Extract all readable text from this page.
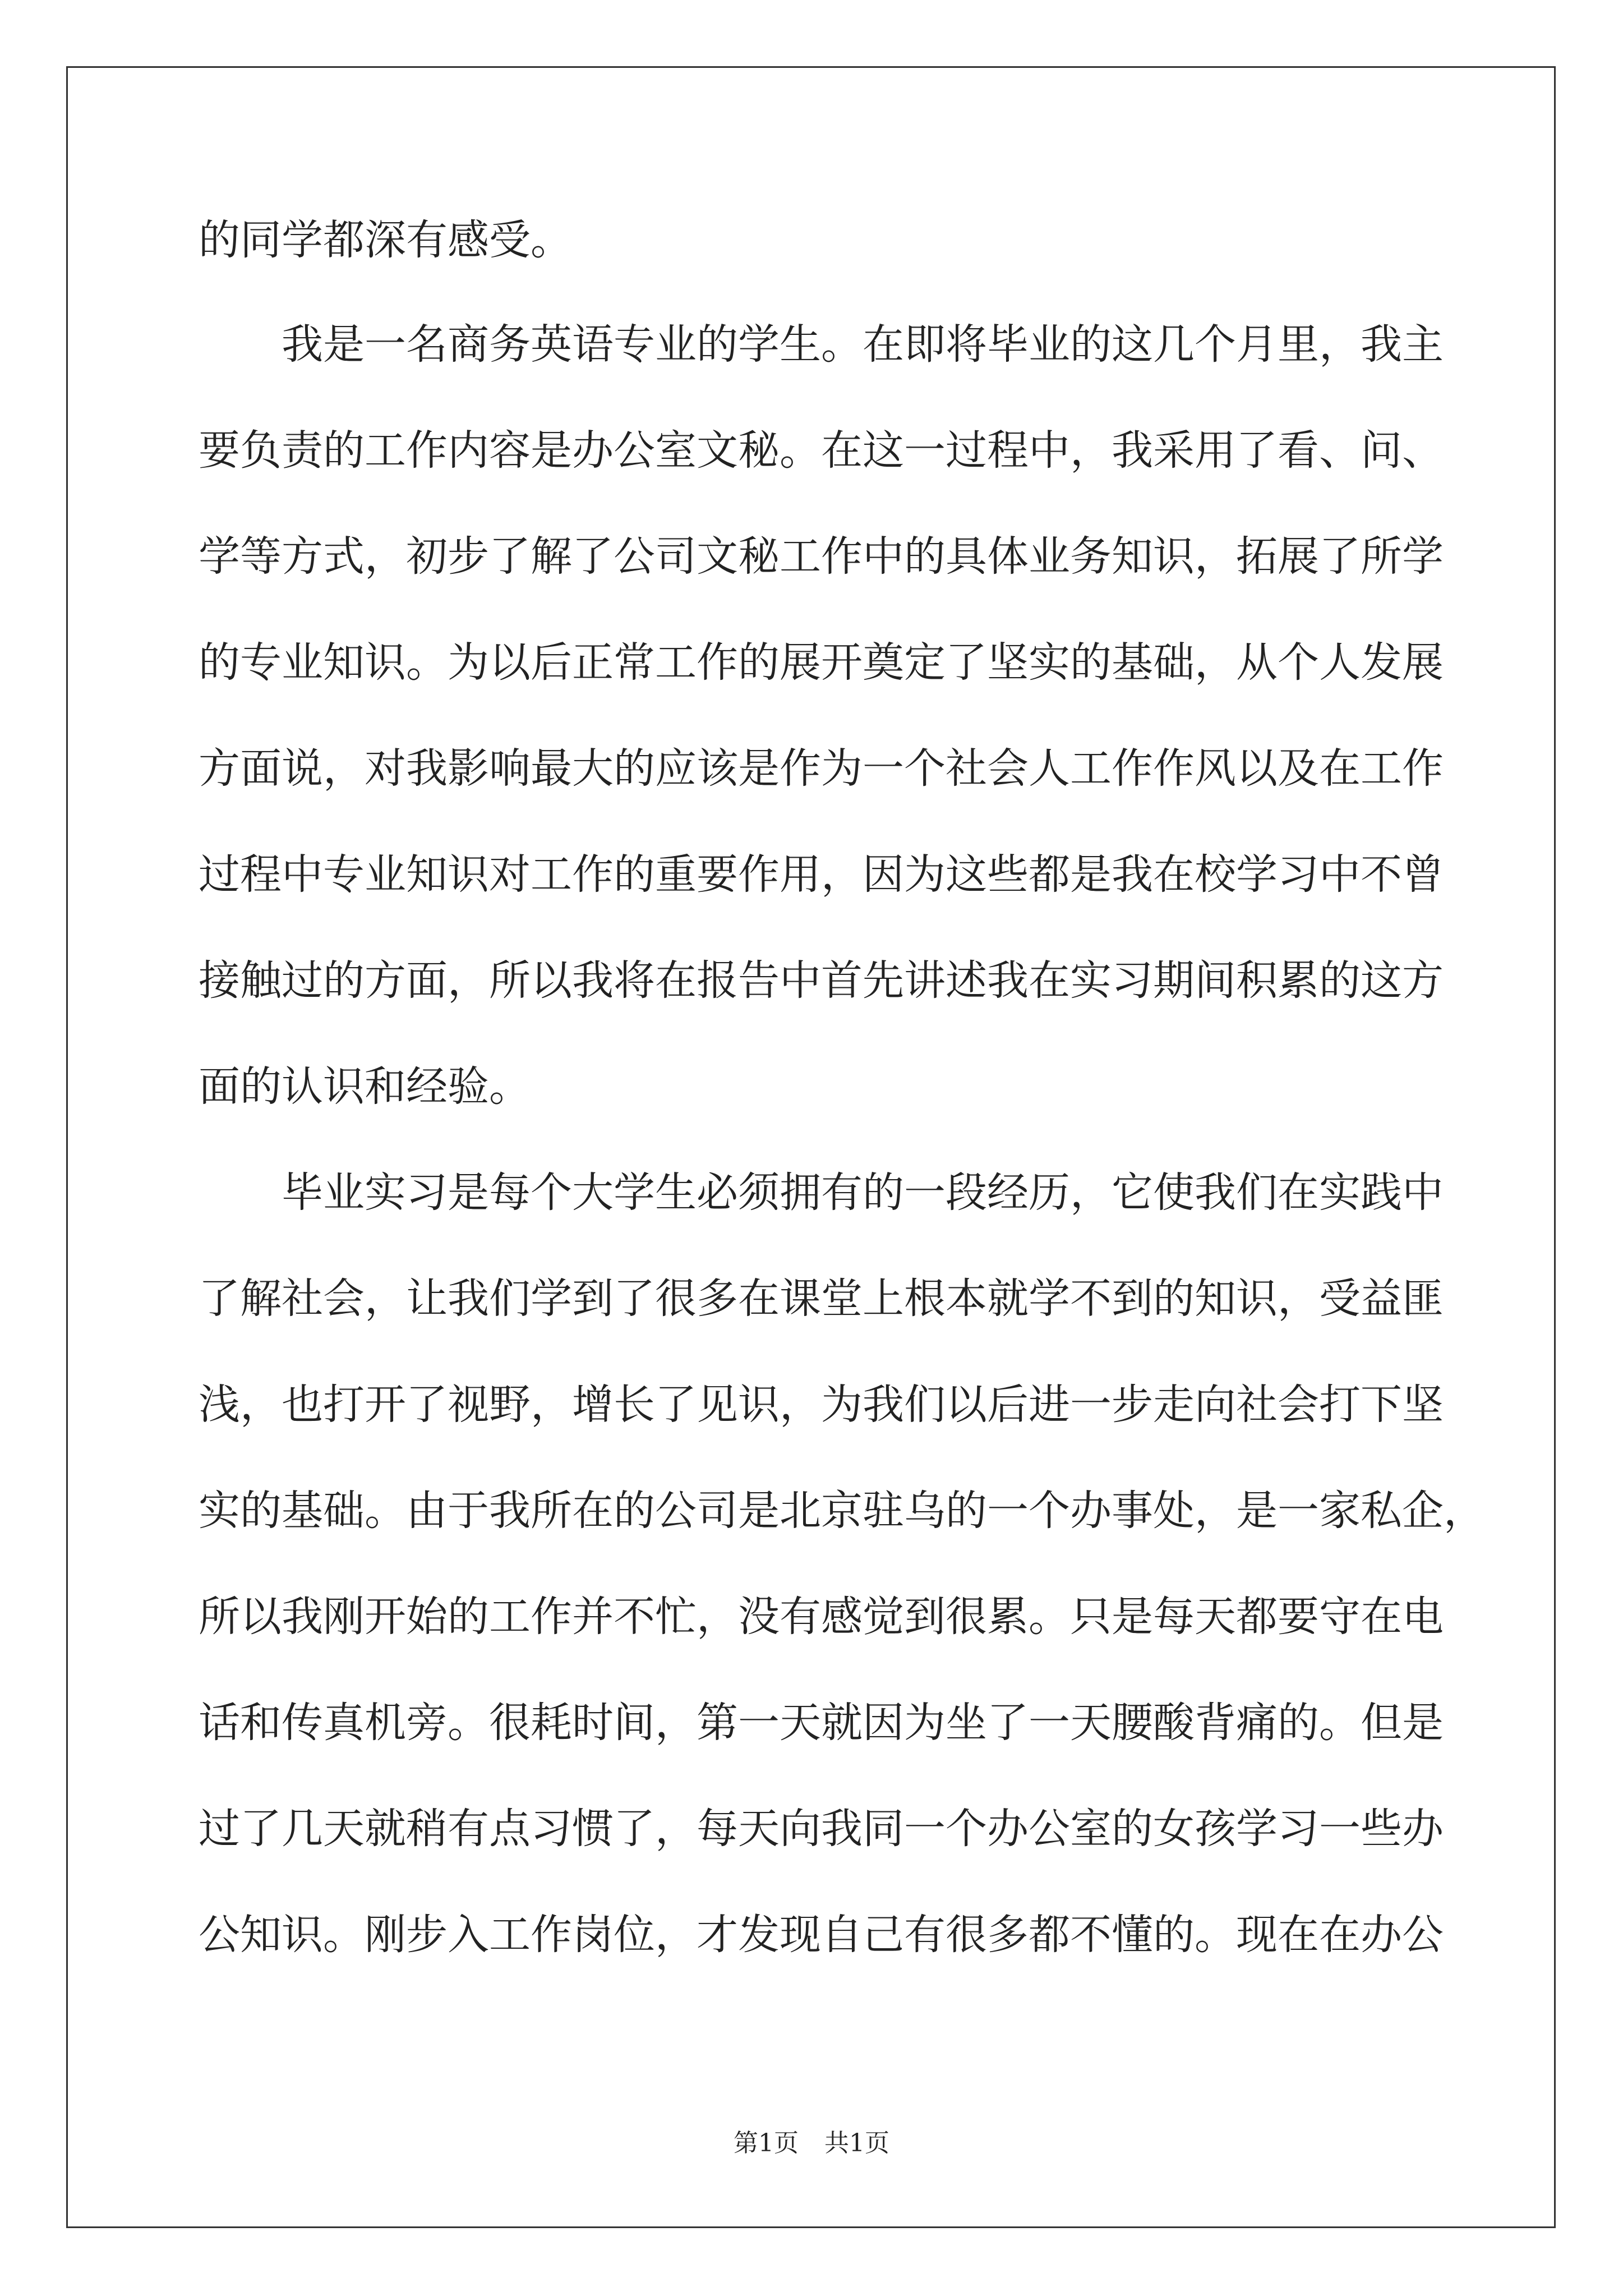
的同学都深有感受。
　　我是一名商务英语专业的学生。在即将毕业的这几个月里，我主
要负责的工作内容是办公室文秘。在这一过程中，我采用了看、问、
学等方式，初步了解了公司文秘工作中的具体业务知识，拓展了所学
的专业知识。为以后正常工作的展开奠定了坚实的基础，从个人发展
方面说，对我影响最大的应该是作为一个社会人工作作风以及在工作
过程中专业知识对工作的重要作用，因为这些都是我在校学习中不曾
接触过的方面，所以我将在报告中首先讲述我在实习期间积累的这方
面的认识和经验。
　　毕业实习是每个大学生必须拥有的一段经历，它使我们在实践中
了解社会，让我们学到了很多在课堂上根本就学不到的知识，受益匪
浅，也打开了视野，增长了见识，为我们以后进一步走向社会打下坚
实的基础。由于我所在的公司是北京驻乌的一个办事处，是一家私企，
所以我刚开始的工作并不忙，没有感觉到很累。只是每天都要守在电
话和传真机旁。很耗时间，第一天就因为坐了一天腰酸背痛的。但是
过了几天就稍有点习惯了，每天向我同一个办公室的女孩学习一些办
公知识。刚步入工作岗位，才发现自己有很多都不懂的。现在在办公
第1页 共1页
